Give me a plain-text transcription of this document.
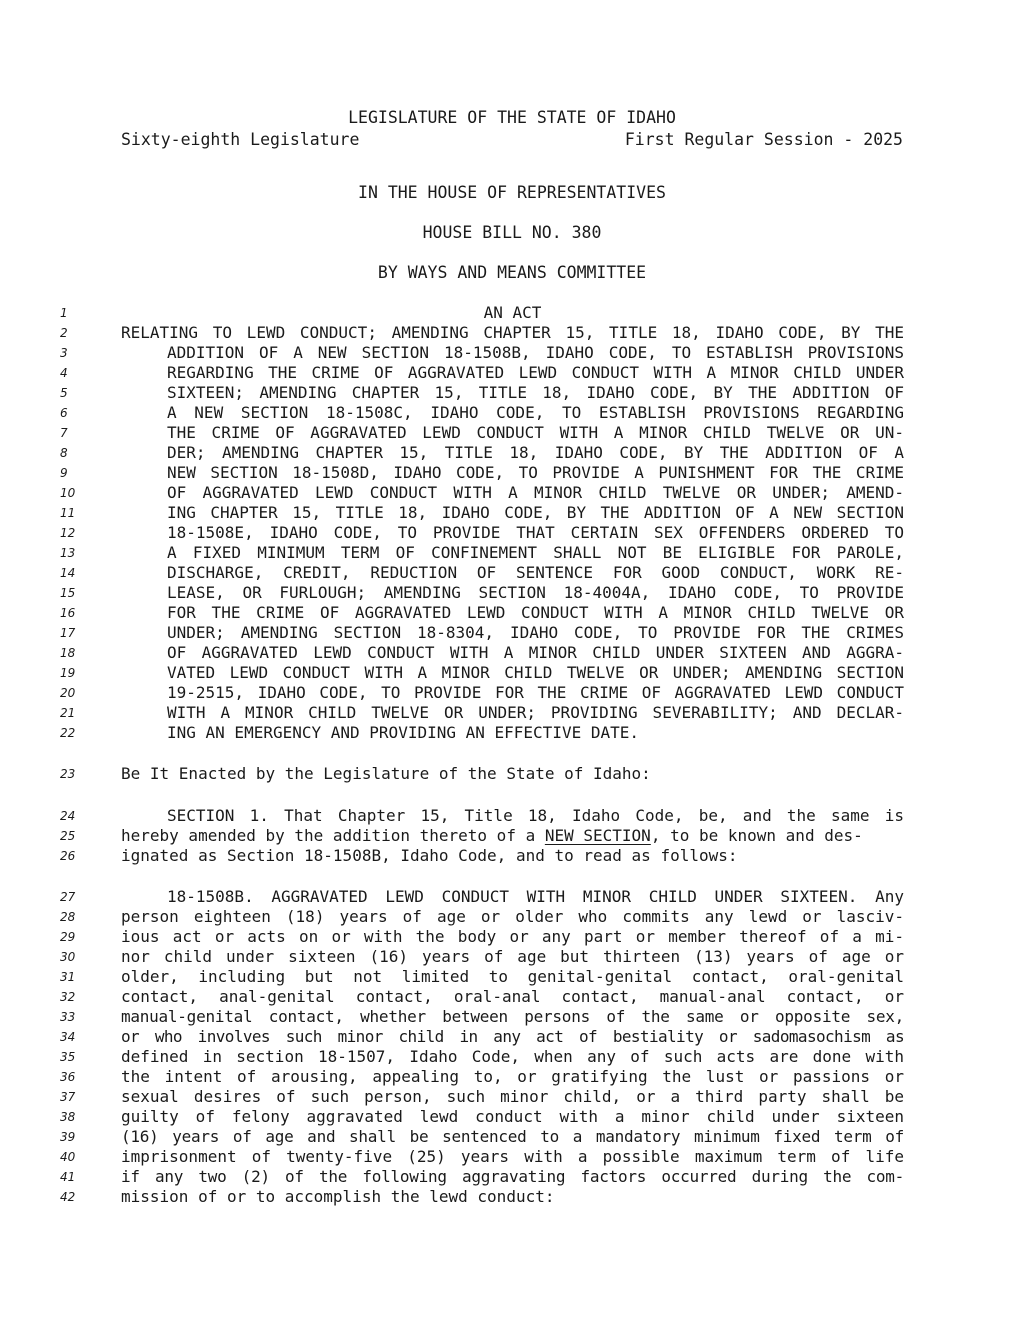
LEGISLATURE OF THE STATE OF IDAHO
Sixty-eighth Legislature	First Regular Session - 2025
IN THE HOUSE OF REPRESENTATIVES
HOUSE BILL NO. 380
BY WAYS AND MEANS COMMITTEE
1	AN ACT
2	RELATING TO LEWD CONDUCT; AMENDING CHAPTER 15, TITLE 18, IDAHO CODE, BY THE
3	ADDITION OF A NEW SECTION 18-1508B, IDAHO CODE, TO ESTABLISH PROVISIONS
4	REGARDING THE CRIME OF AGGRAVATED LEWD CONDUCT WITH A MINOR CHILD UNDER
5	SIXTEEN; AMENDING CHAPTER 15, TITLE 18, IDAHO CODE, BY THE ADDITION OF
6	A NEW SECTION 18-1508C, IDAHO CODE, TO ESTABLISH PROVISIONS REGARDING
7	THE CRIME OF AGGRAVATED LEWD CONDUCT WITH A MINOR CHILD TWELVE OR UN-
8	DER; AMENDING CHAPTER 15, TITLE 18, IDAHO CODE, BY THE ADDITION OF A
9	NEW SECTION 18-1508D, IDAHO CODE, TO PROVIDE A PUNISHMENT FOR THE CRIME
10	OF AGGRAVATED LEWD CONDUCT WITH A MINOR CHILD TWELVE OR UNDER; AMEND-
11	ING CHAPTER 15, TITLE 18, IDAHO CODE, BY THE ADDITION OF A NEW SECTION
12	18-1508E, IDAHO CODE, TO PROVIDE THAT CERTAIN SEX OFFENDERS ORDERED TO
13	A FIXED MINIMUM TERM OF CONFINEMENT SHALL NOT BE ELIGIBLE FOR PAROLE,
14	DISCHARGE, CREDIT, REDUCTION OF SENTENCE FOR GOOD CONDUCT, WORK RE-
15	LEASE, OR FURLOUGH; AMENDING SECTION 18-4004A, IDAHO CODE, TO PROVIDE
16	FOR THE CRIME OF AGGRAVATED LEWD CONDUCT WITH A MINOR CHILD TWELVE OR
17	UNDER; AMENDING SECTION 18-8304, IDAHO CODE, TO PROVIDE FOR THE CRIMES
18	OF AGGRAVATED LEWD CONDUCT WITH A MINOR CHILD UNDER SIXTEEN AND AGGRA-
19	VATED LEWD CONDUCT WITH A MINOR CHILD TWELVE OR UNDER; AMENDING SECTION
20	19-2515, IDAHO CODE, TO PROVIDE FOR THE CRIME OF AGGRAVATED LEWD CONDUCT
21	WITH A MINOR CHILD TWELVE OR UNDER; PROVIDING SEVERABILITY; AND DECLAR-
22	ING AN EMERGENCY AND PROVIDING AN EFFECTIVE DATE.
23	Be It Enacted by the Legislature of the State of Idaho:
24	SECTION 1. That Chapter 15, Title 18, Idaho Code, be, and the same is
25	hereby amended by the addition thereto of a NEW SECTION, to be known and des-
26	ignated as Section 18-1508B, Idaho Code, and to read as follows:
27	18-1508B. AGGRAVATED LEWD CONDUCT WITH MINOR CHILD UNDER SIXTEEN. Any
28	person eighteen (18) years of age or older who commits any lewd or lasciv-
29	ious act or acts on or with the body or any part or member thereof of a mi-
30	nor child under sixteen (16) years of age but thirteen (13) years of age or
31	older, including but not limited to genital-genital contact, oral-genital
32	contact, anal-genital contact, oral-anal contact, manual-anal contact, or
33	manual-genital contact, whether between persons of the same or opposite sex,
34	or who involves such minor child in any act of bestiality or sadomasochism as
35	defined in section 18-1507, Idaho Code, when any of such acts are done with
36	the intent of arousing, appealing to, or gratifying the lust or passions or
37	sexual desires of such person, such minor child, or a third party shall be
38	guilty of felony aggravated lewd conduct with a minor child under sixteen
39	(16) years of age and shall be sentenced to a mandatory minimum fixed term of
40	imprisonment of twenty-five (25) years with a possible maximum term of life
41	if any two (2) of the following aggravating factors occurred during the com-
42	mission of or to accomplish the lewd conduct:
